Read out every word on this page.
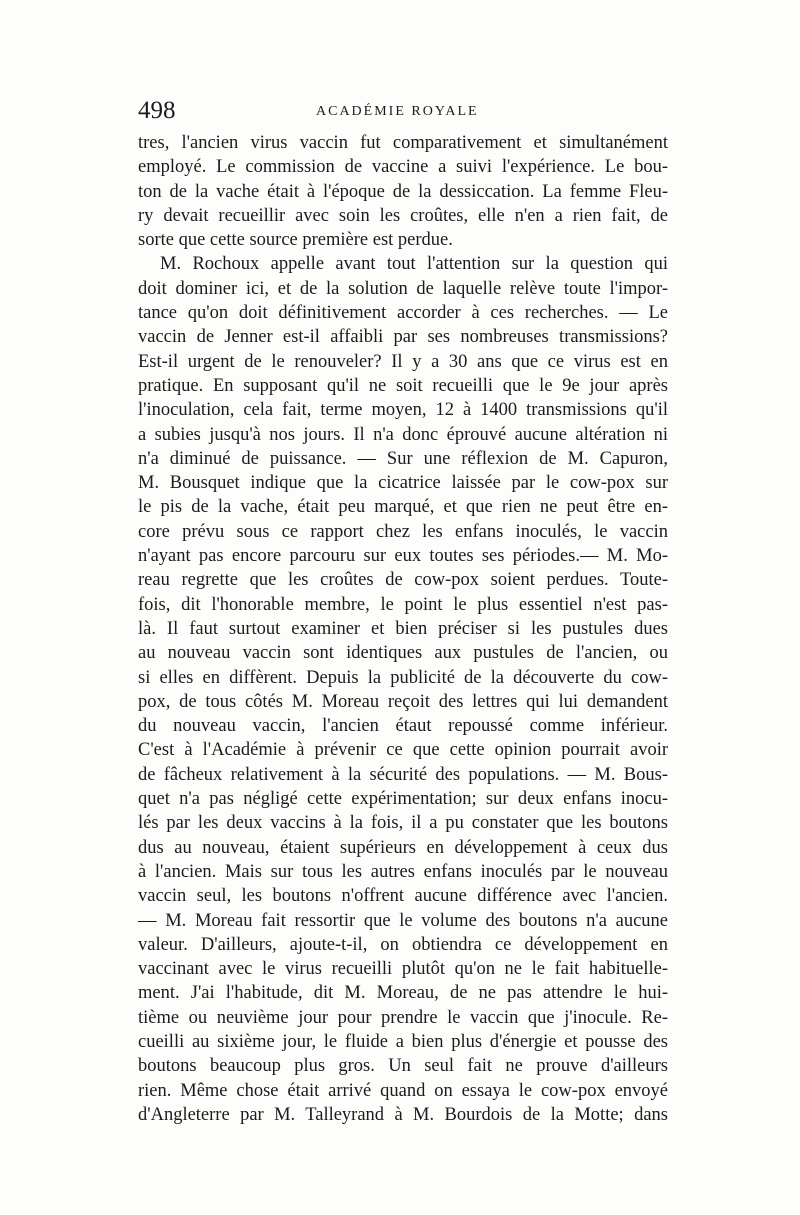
498	ACADÉMIE ROYALE
tres, l'ancien virus vaccin fut comparativement et simultanément
employé. Le commission de vaccine a suivi l'expérience. Le bou-
ton de la vache était à l'époque de la dessiccation. La femme Fleu-
ry devait recueillir avec soin les croûtes, elle n'en a rien fait, de
sorte que cette source première est perdue.
M. Rochoux appelle avant tout l'attention sur la question qui
doit dominer ici, et de la solution de laquelle relève toute l'impor-
tance qu'on doit définitivement accorder à ces recherches. — Le
vaccin de Jenner est-il affaibli par ses nombreuses transmissions?
Est-il urgent de le renouveler? Il y a 30 ans que ce virus est en
pratique. En supposant qu'il ne soit recueilli que le 9e jour après
l'inoculation, cela fait, terme moyen, 12 à 1400 transmissions qu'il
a subies jusqu'à nos jours. Il n'a donc éprouvé aucune altération ni
n'a diminué de puissance. — Sur une réflexion de M. Capuron,
M. Bousquet indique que la cicatrice laissée par le cow-pox sur
le pis de la vache, était peu marqué, et que rien ne peut être en-
core prévu sous ce rapport chez les enfans inoculés, le vaccin
n'ayant pas encore parcouru sur eux toutes ses périodes.— M. Mo-
reau regrette que les croûtes de cow-pox soient perdues. Toute-
fois, dit l'honorable membre, le point le plus essentiel n'est pas-
là. Il faut surtout examiner et bien préciser si les pustules dues
au nouveau vaccin sont identiques aux pustules de l'ancien, ou
si elles en diffèrent. Depuis la publicité de la découverte du cow-
pox, de tous côtés M. Moreau reçoit des lettres qui lui demandent
du nouveau vaccin, l'ancien étaut repoussé comme inférieur.
C'est à l'Académie à prévenir ce que cette opinion pourrait avoir
de fâcheux relativement à la sécurité des populations. — M. Bous-
quet n'a pas négligé cette expérimentation; sur deux enfans inocu-
lés par les deux vaccins à la fois, il a pu constater que les boutons
dus au nouveau, étaient supérieurs en développement à ceux dus
à l'ancien. Mais sur tous les autres enfans inoculés par le nouveau
vaccin seul, les boutons n'offrent aucune différence avec l'ancien.
— M. Moreau fait ressortir que le volume des boutons n'a aucune
valeur. D'ailleurs, ajoute-t-il, on obtiendra ce développement en
vaccinant avec le virus recueilli plutôt qu'on ne le fait habituelle-
ment. J'ai l'habitude, dit M. Moreau, de ne pas attendre le hui-
tième ou neuvième jour pour prendre le vaccin que j'inocule. Re-
cueilli au sixième jour, le fluide a bien plus d'énergie et pousse des
boutons beaucoup plus gros. Un seul fait ne prouve d'ailleurs
rien. Même chose était arrivé quand on essaya le cow-pox envoyé
d'Angleterre par M. Talleyrand à M. Bourdois de la Motte; dans
